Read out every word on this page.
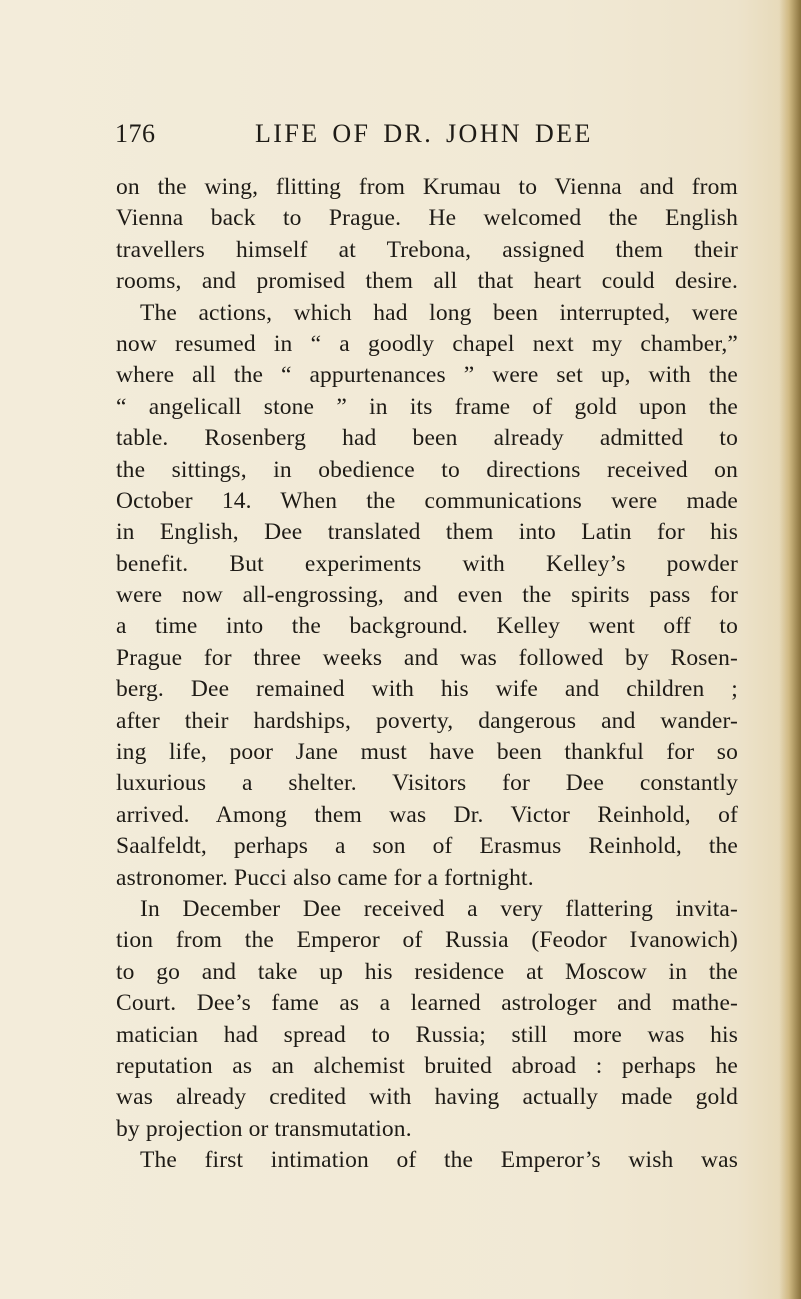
176	LIFE OF DR. JOHN DEE
on the wing, flitting from Krumau to Vienna and from
Vienna back to Prague. He welcomed the English
travellers himself at Trebona, assigned them their
rooms, and promised them all that heart could desire.
The actions, which had long been interrupted, were
now resumed in “ a goodly chapel next my chamber,”
where all the “ appurtenances ” were set up, with the
“ angelicall stone ” in its frame of gold upon the
table. Rosenberg had been already admitted to
the sittings, in obedience to directions received on
October 14. When the communications were made
in English, Dee translated them into Latin for his
benefit. But experiments with Kelley’s powder
were now all-engrossing, and even the spirits pass for
a time into the background. Kelley went off to
Prague for three weeks and was followed by Rosen-
berg. Dee remained with his wife and children ;
after their hardships, poverty, dangerous and wander-
ing life, poor Jane must have been thankful for so
luxurious a shelter. Visitors for Dee constantly
arrived. Among them was Dr. Victor Reinhold, of
Saalfeldt, perhaps a son of Erasmus Reinhold, the
astronomer. Pucci also came for a fortnight.
In December Dee received a very flattering invita-
tion from the Emperor of Russia (Feodor Ivanowich)
to go and take up his residence at Moscow in the
Court. Dee’s fame as a learned astrologer and mathe-
matician had spread to Russia; still more was his
reputation as an alchemist bruited abroad : perhaps he
was already credited with having actually made gold
by projection or transmutation.
The first intimation of the Emperor’s wish was
